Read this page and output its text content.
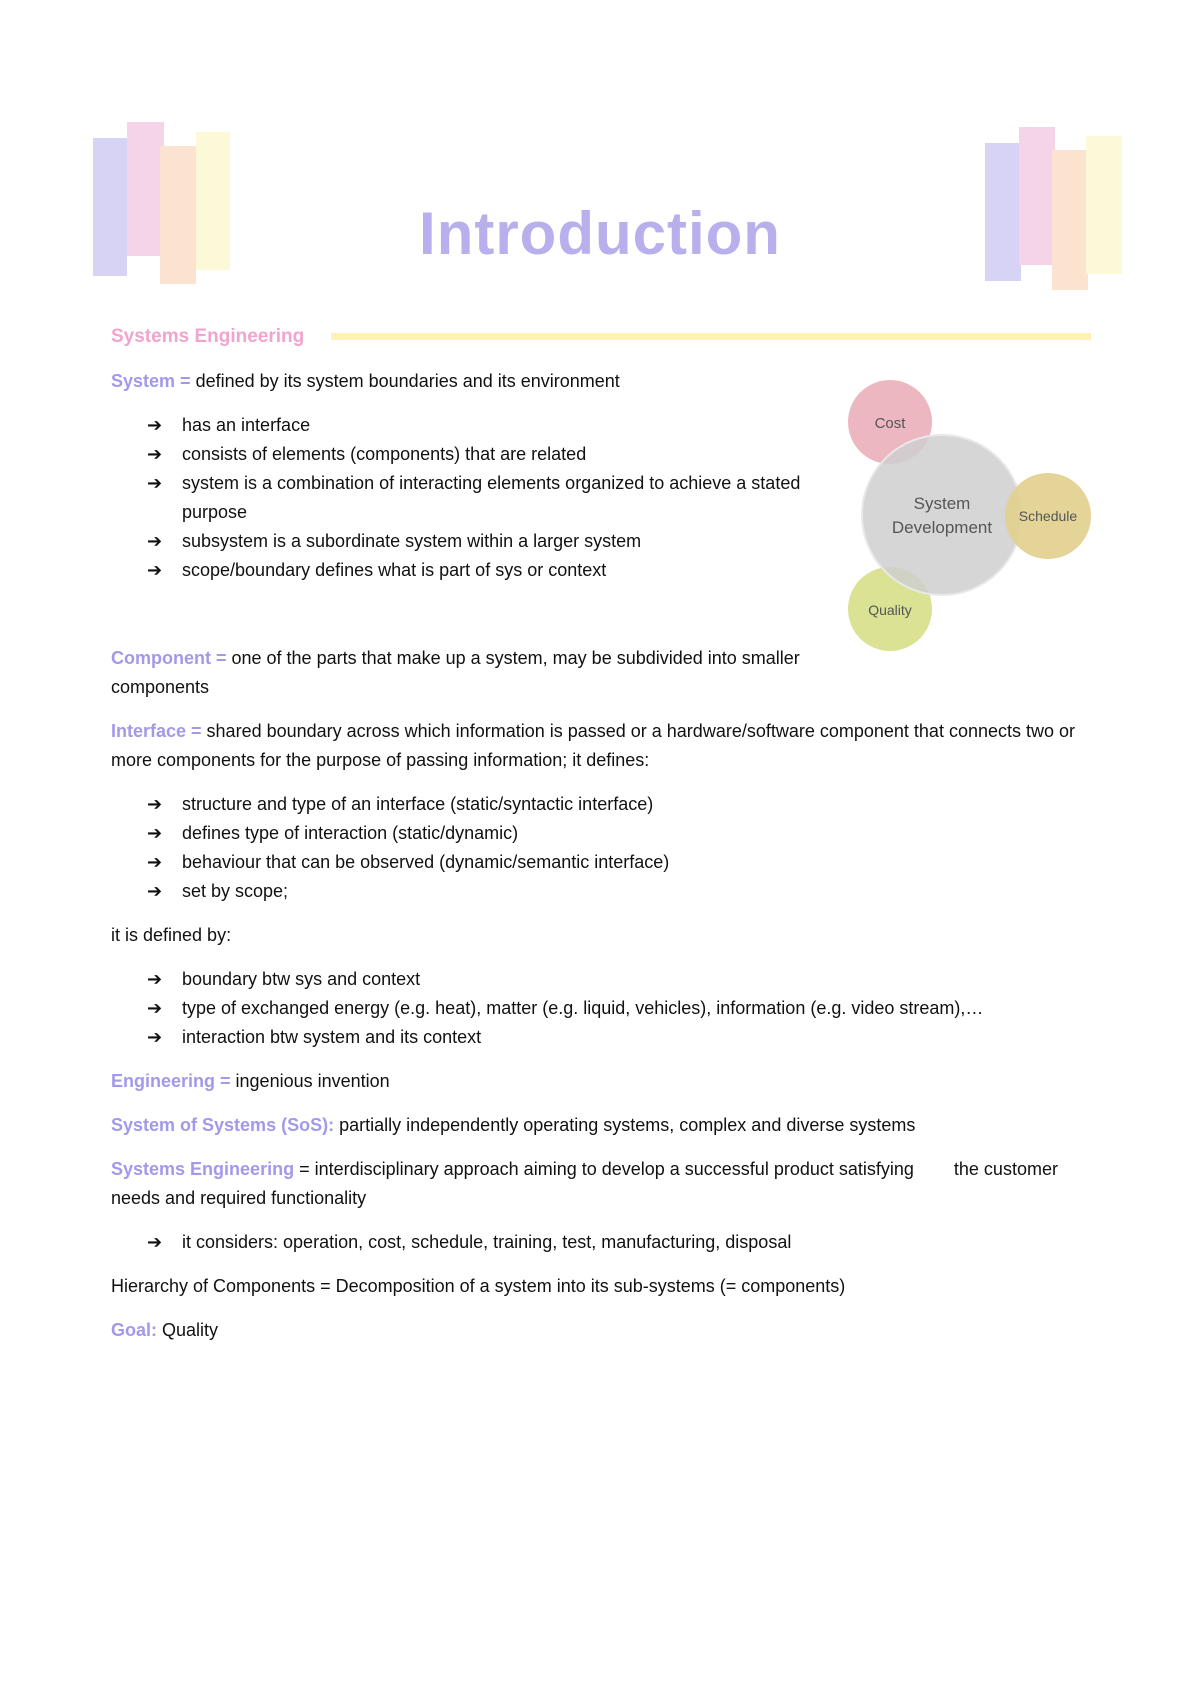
Introduction
Systems Engineering
System
Development
Cost
Schedule
Quality

System = defined by its system boundaries and its environment

➔ has an interface
➔ consists of elements (components) that are related
➔ system is a combination of interacting elements organized to achieve a stated purpose
➔ subsystem is a subordinate system within a larger system
➔ scope/boundary defines what is part of sys or context

Component = one of the parts that make up a system, may be subdivided into smaller components

Interface = shared boundary across which information is passed or a hardware/software component that connects two or more components for the purpose of passing information; it defines:

➔ structure and type of an interface (static/syntactic interface)
➔ defines type of interaction (static/dynamic)
➔ behaviour that can be observed (dynamic/semantic interface)
➔ set by scope;

it is defined by:

➔ boundary btw sys and context
➔ type of exchanged energy (e.g. heat), matter (e.g. liquid, vehicles), information (e.g. video stream),…
➔ interaction btw system and its context

Engineering = ingenious invention

System of Systems (SoS): partially independently operating systems, complex and diverse systems

Systems Engineering = interdisciplinary approach aiming to develop a successful product satisfying the customer needs and required functionality

➔ it considers: operation, cost, schedule, training, test, manufacturing, disposal

Hierarchy of Components = Decomposition of a system into its sub-systems (= components)

Goal: Quality
